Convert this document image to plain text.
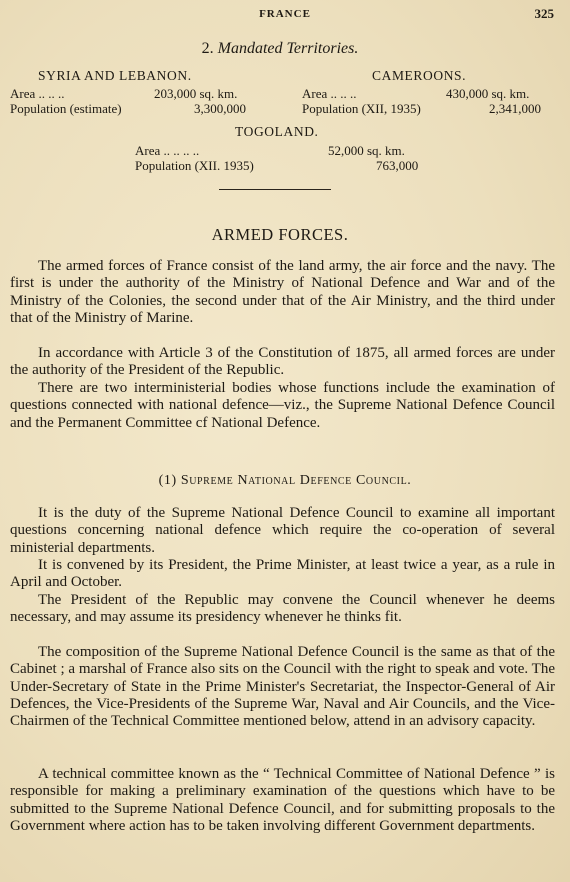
FRANCE	325
2. Mandated Territories.
SYRIA AND LEBANON.
Area .. .. ..	203,000 sq. km.
Population (estimate)	3,300,000
CAMEROONS.
Area .. .. ..	430,000 sq. km.
Population (XII, 1935)	2,341,000
TOGOLAND.
Area .. .. .. ..	52,000 sq. km.
Population (XII. 1935)	763,000
ARMED FORCES.
The armed forces of France consist of the land army, the air force and the navy. The first is under the authority of the Ministry of National Defence and War and of the Ministry of the Colonies, the second under that of the Air Ministry, and the third under that of the Ministry of Marine.
In accordance with Article 3 of the Constitution of 1875, all armed forces are under the authority of the President of the Republic.
There are two interministerial bodies whose functions include the examination of questions connected with national defence—viz., the Supreme National Defence Council and the Permanent Committee cf National Defence.
(1) Supreme National Defence Council.
It is the duty of the Supreme National Defence Council to examine all important questions concerning national defence which require the co-operation of several ministerial departments.
It is convened by its President, the Prime Minister, at least twice a year, as a rule in April and October.
The President of the Republic may convene the Council whenever he deems necessary, and may assume its presidency whenever he thinks fit.
The composition of the Supreme National Defence Council is the same as that of the Cabinet ; a marshal of France also sits on the Council with the right to speak and vote. The Under-Secretary of State in the Prime Minister's Secretariat, the Inspector-General of Air Defences, the Vice-Presidents of the Supreme War, Naval and Air Councils, and the Vice-Chairmen of the Technical Committee mentioned below, attend in an advisory capacity.
A technical committee known as the “ Technical Committee of National Defence ” is responsible for making a preliminary examination of the questions which have to be submitted to the Supreme National Defence Council, and for submitting proposals to the Government where action has to be taken involving different Government departments.
